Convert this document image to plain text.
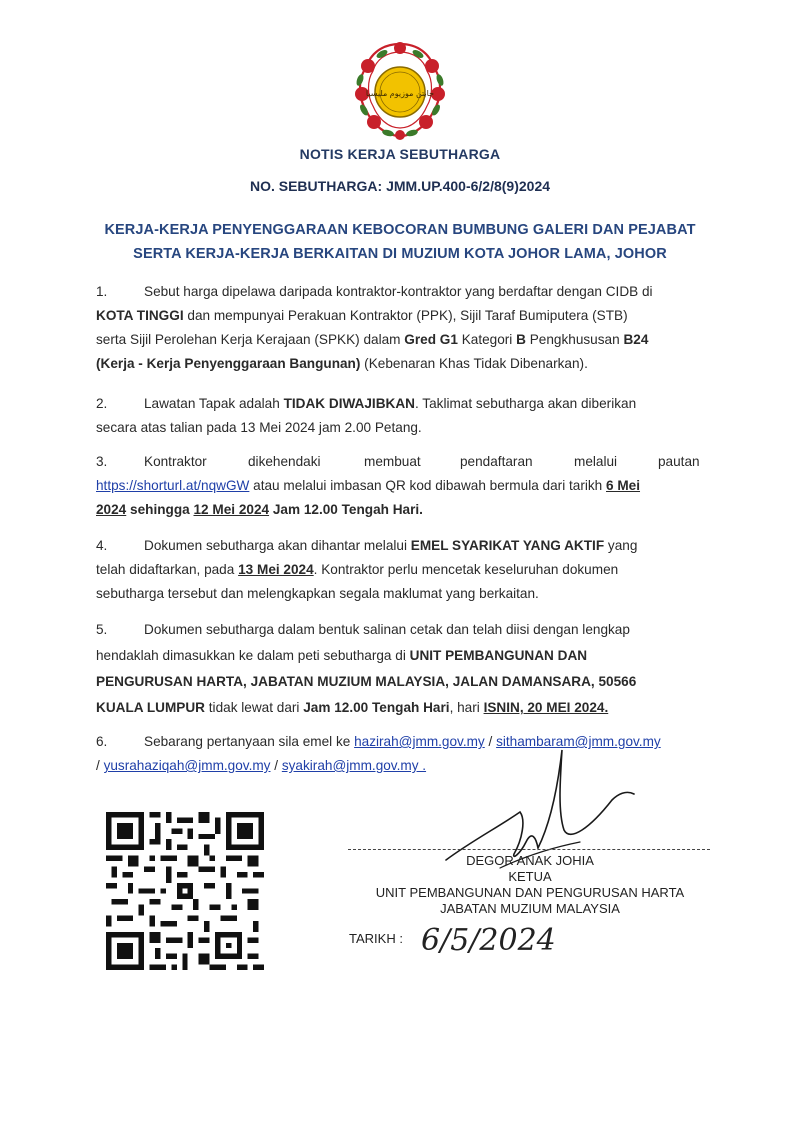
جابتن موزيوم مليسيا
NOTIS KERJA SEBUTHARGA
NO. SEBUTHARGA: JMM.UP.400-6/2/8(9)2024
KERJA-KERJA PENYENGGARAAN KEBOCORAN BUMBUNG GALERI DAN PEJABAT
SERTA KERJA-KERJA BERKAITAN DI MUZIUM KOTA JOHOR LAMA, JOHOR
1.	Sebut harga dipelawa daripada kontraktor-kontraktor yang berdaftar dengan CIDB di
KOTA TINGGI dan mempunyai Perakuan Kontraktor (PPK), Sijil Taraf Bumiputera (STB)
serta Sijil Perolehan Kerja Kerajaan (SPKK) dalam Gred G1 Kategori B Pengkhususan B24
(Kerja - Kerja Penyenggaraan Bangunan) (Kebenaran Khas Tidak Dibenarkan).
2.	Lawatan Tapak adalah TIDAK DIWAJIBKAN. Taklimat sebutharga akan diberikan
secara atas talian pada 13 Mei 2024 jam 2.00 Petang.
3.	Kontraktor	dikehendaki	membuat	pendaftaran	melalui	pautan
https://shorturl.at/nqwGW atau melalui imbasan QR kod dibawah bermula dari tarikh 6 Mei
2024 sehingga 12 Mei 2024 Jam 12.00 Tengah Hari.
4.	Dokumen sebutharga akan dihantar melalui EMEL SYARIKAT YANG AKTIF yang
telah didaftarkan, pada 13 Mei 2024. Kontraktor perlu mencetak keseluruhan dokumen
sebutharga tersebut dan melengkapkan segala maklumat yang berkaitan.
5.	Dokumen sebutharga dalam bentuk salinan cetak dan telah diisi dengan lengkap
hendaklah dimasukkan ke dalam peti sebutharga di UNIT PEMBANGUNAN DAN
PENGURUSAN HARTA, JABATAN MUZIUM MALAYSIA, JALAN DAMANSARA, 50566
KUALA LUMPUR tidak lewat dari Jam 12.00 Tengah Hari, hari ISNIN, 20 MEI 2024.
6.	Sebarang pertanyaan sila emel ke hazirah@jmm.gov.my / sithambaram@jmm.gov.my
/ yusrahaziqah@jmm.gov.my / syakirah@jmm.gov.my .
DEGOR ANAK JOHIA
KETUA
UNIT PEMBANGUNAN DAN PENGURUSAN HARTA
JABATAN MUZIUM MALAYSIA
TARIKH : 6/5/2024
